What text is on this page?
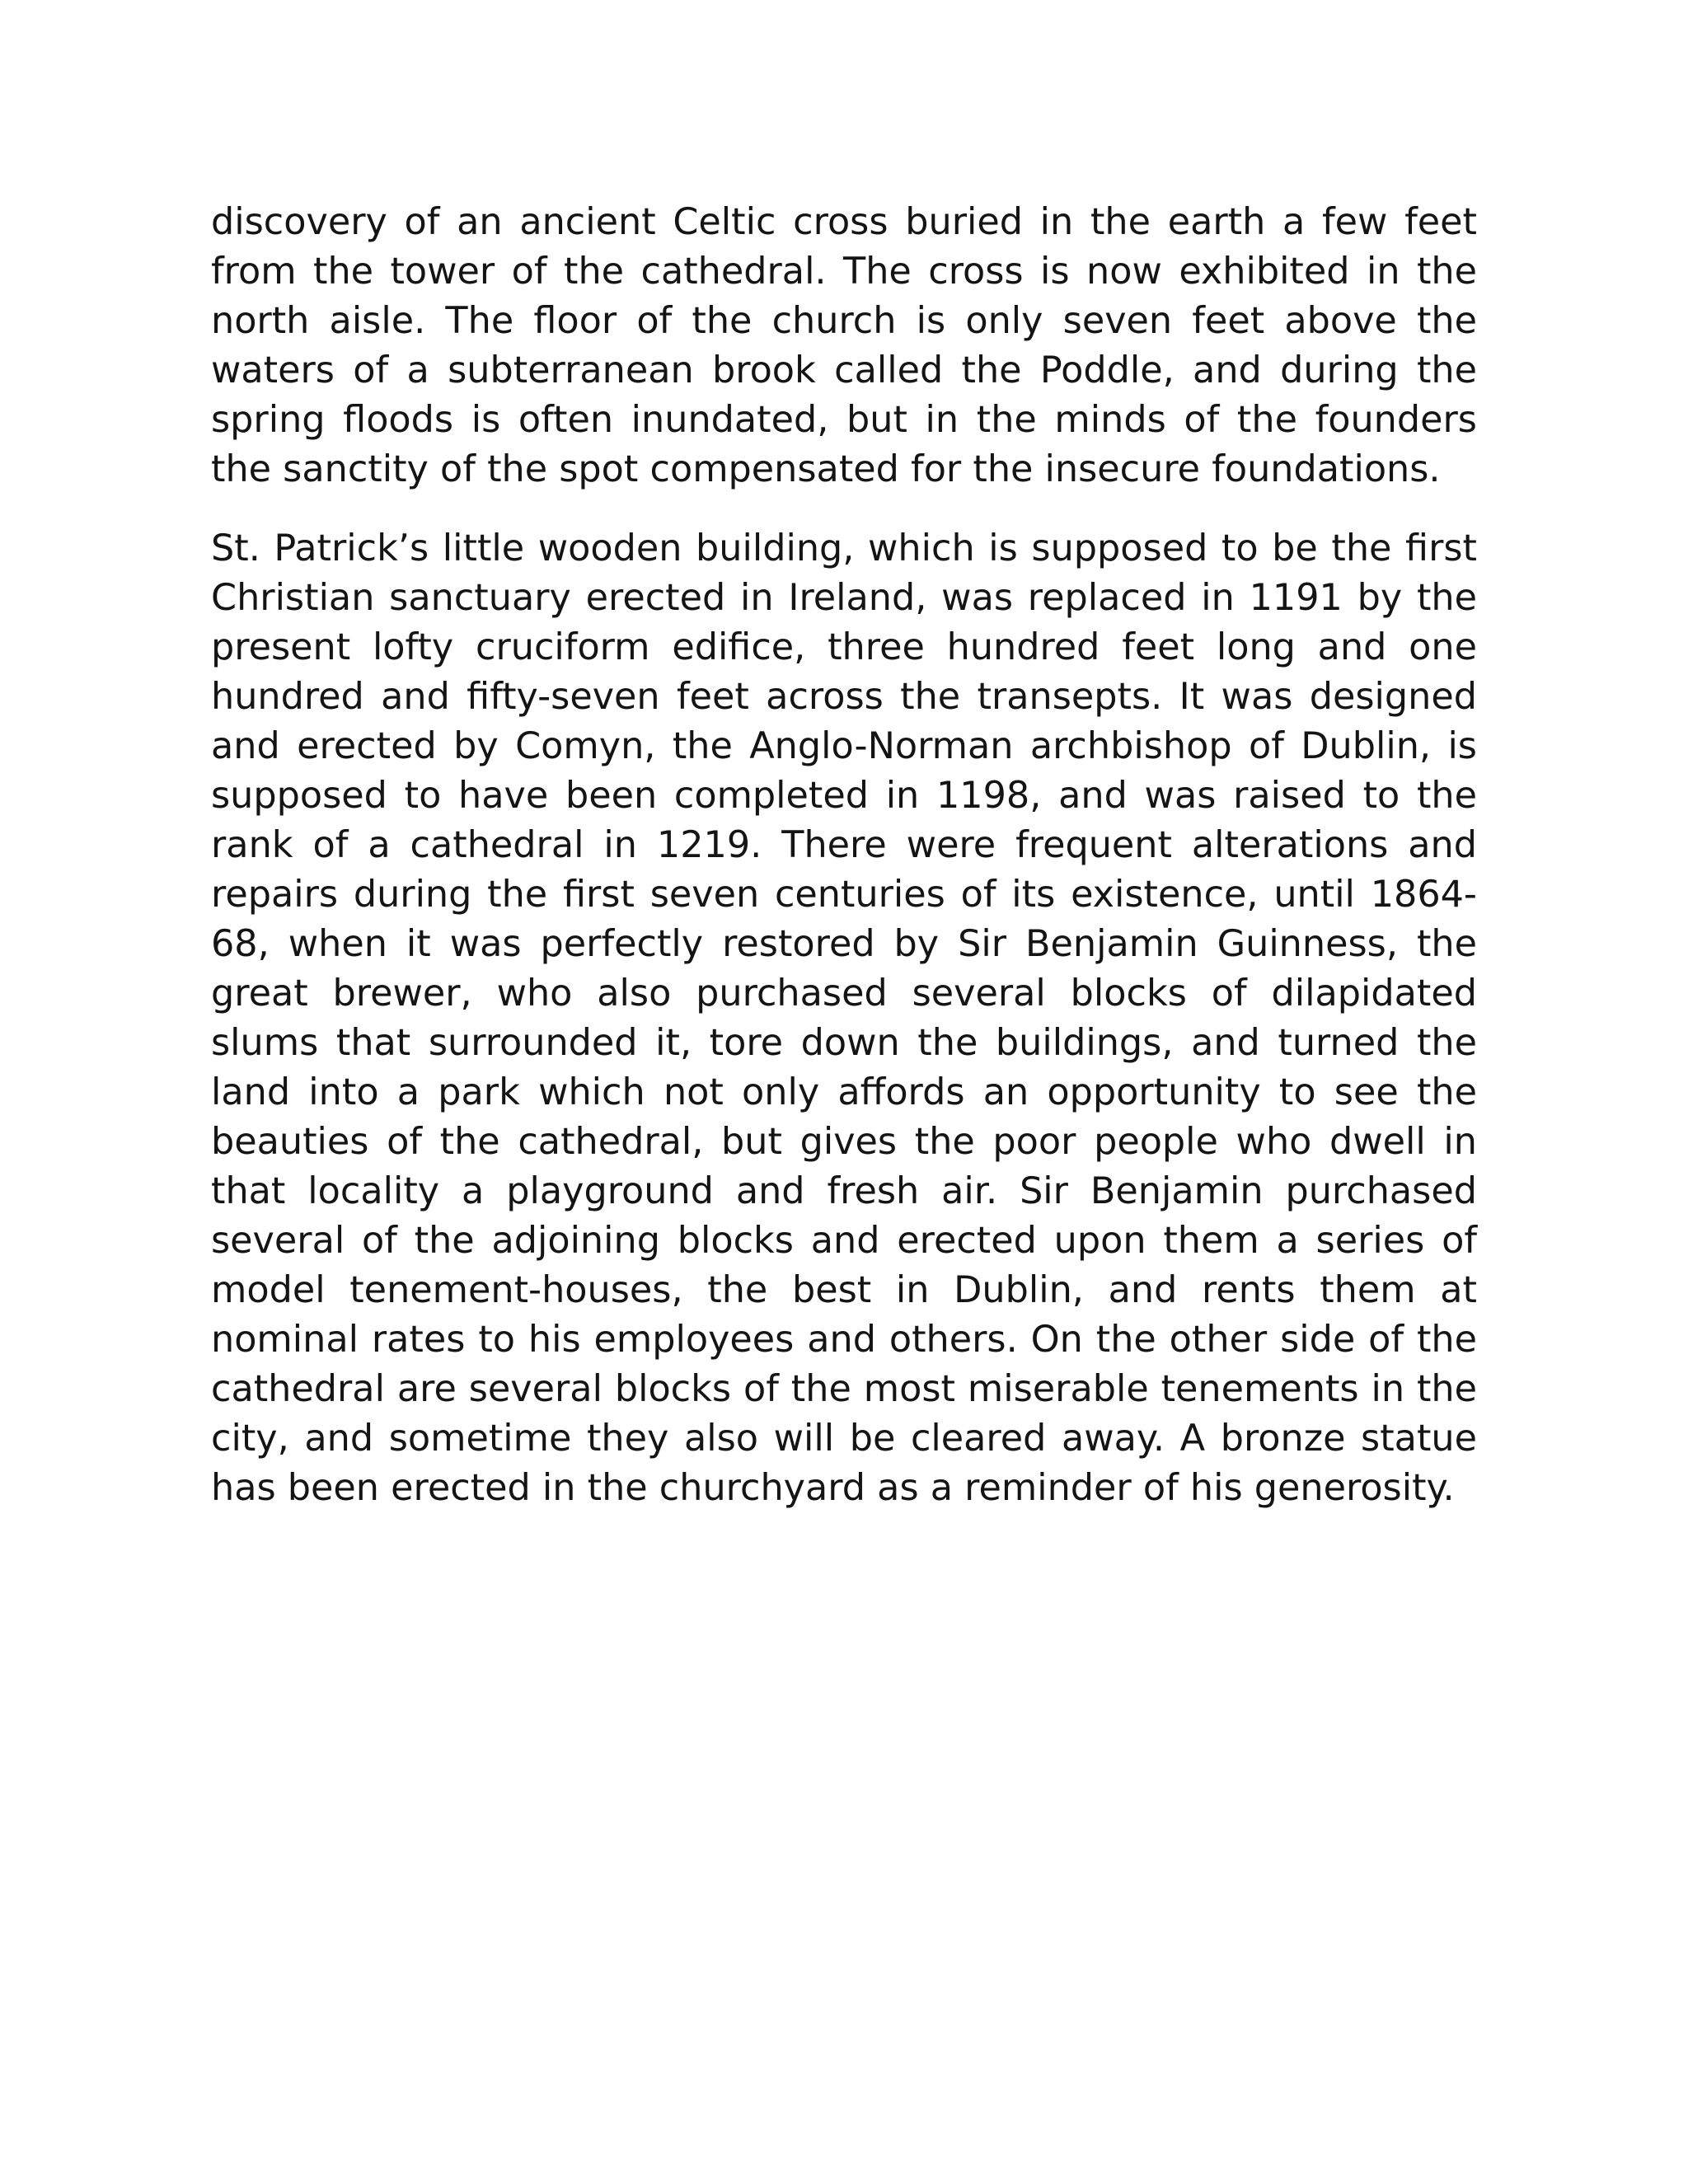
discovery of an ancient Celtic cross buried in the earth a few feet from the tower of the cathedral. The cross is now exhibited in the north aisle. The floor of the church is only seven feet above the waters of a subterranean brook called the Poddle, and during the spring floods is often inundated, but in the minds of the founders the sanctity of the spot compensated for the insecure foundations.

St. Patrick’s little wooden building, which is supposed to be the first Christian sanctuary erected in Ireland, was replaced in 1191 by the present lofty cruciform edifice, three hundred feet long and one hundred and fifty-seven feet across the transepts. It was designed and erected by Comyn, the Anglo-Norman archbishop of Dublin, is supposed to have been completed in 1198, and was raised to the rank of a cathedral in 1219. There were frequent alterations and repairs during the first seven centuries of its existence, until 1864-68, when it was perfectly restored by Sir Benjamin Guinness, the great brewer, who also purchased several blocks of dilapidated slums that surrounded it, tore down the buildings, and turned the land into a park which not only affords an opportunity to see the beauties of the cathedral, but gives the poor people who dwell in that locality a playground and fresh air. Sir Benjamin purchased several of the adjoining blocks and erected upon them a series of model tenement-houses, the best in Dublin, and rents them at nominal rates to his employees and others. On the other side of the cathedral are several blocks of the most miserable tenements in the city, and sometime they also will be cleared away. A bronze statue has been erected in the churchyard as a reminder of his generosity.
